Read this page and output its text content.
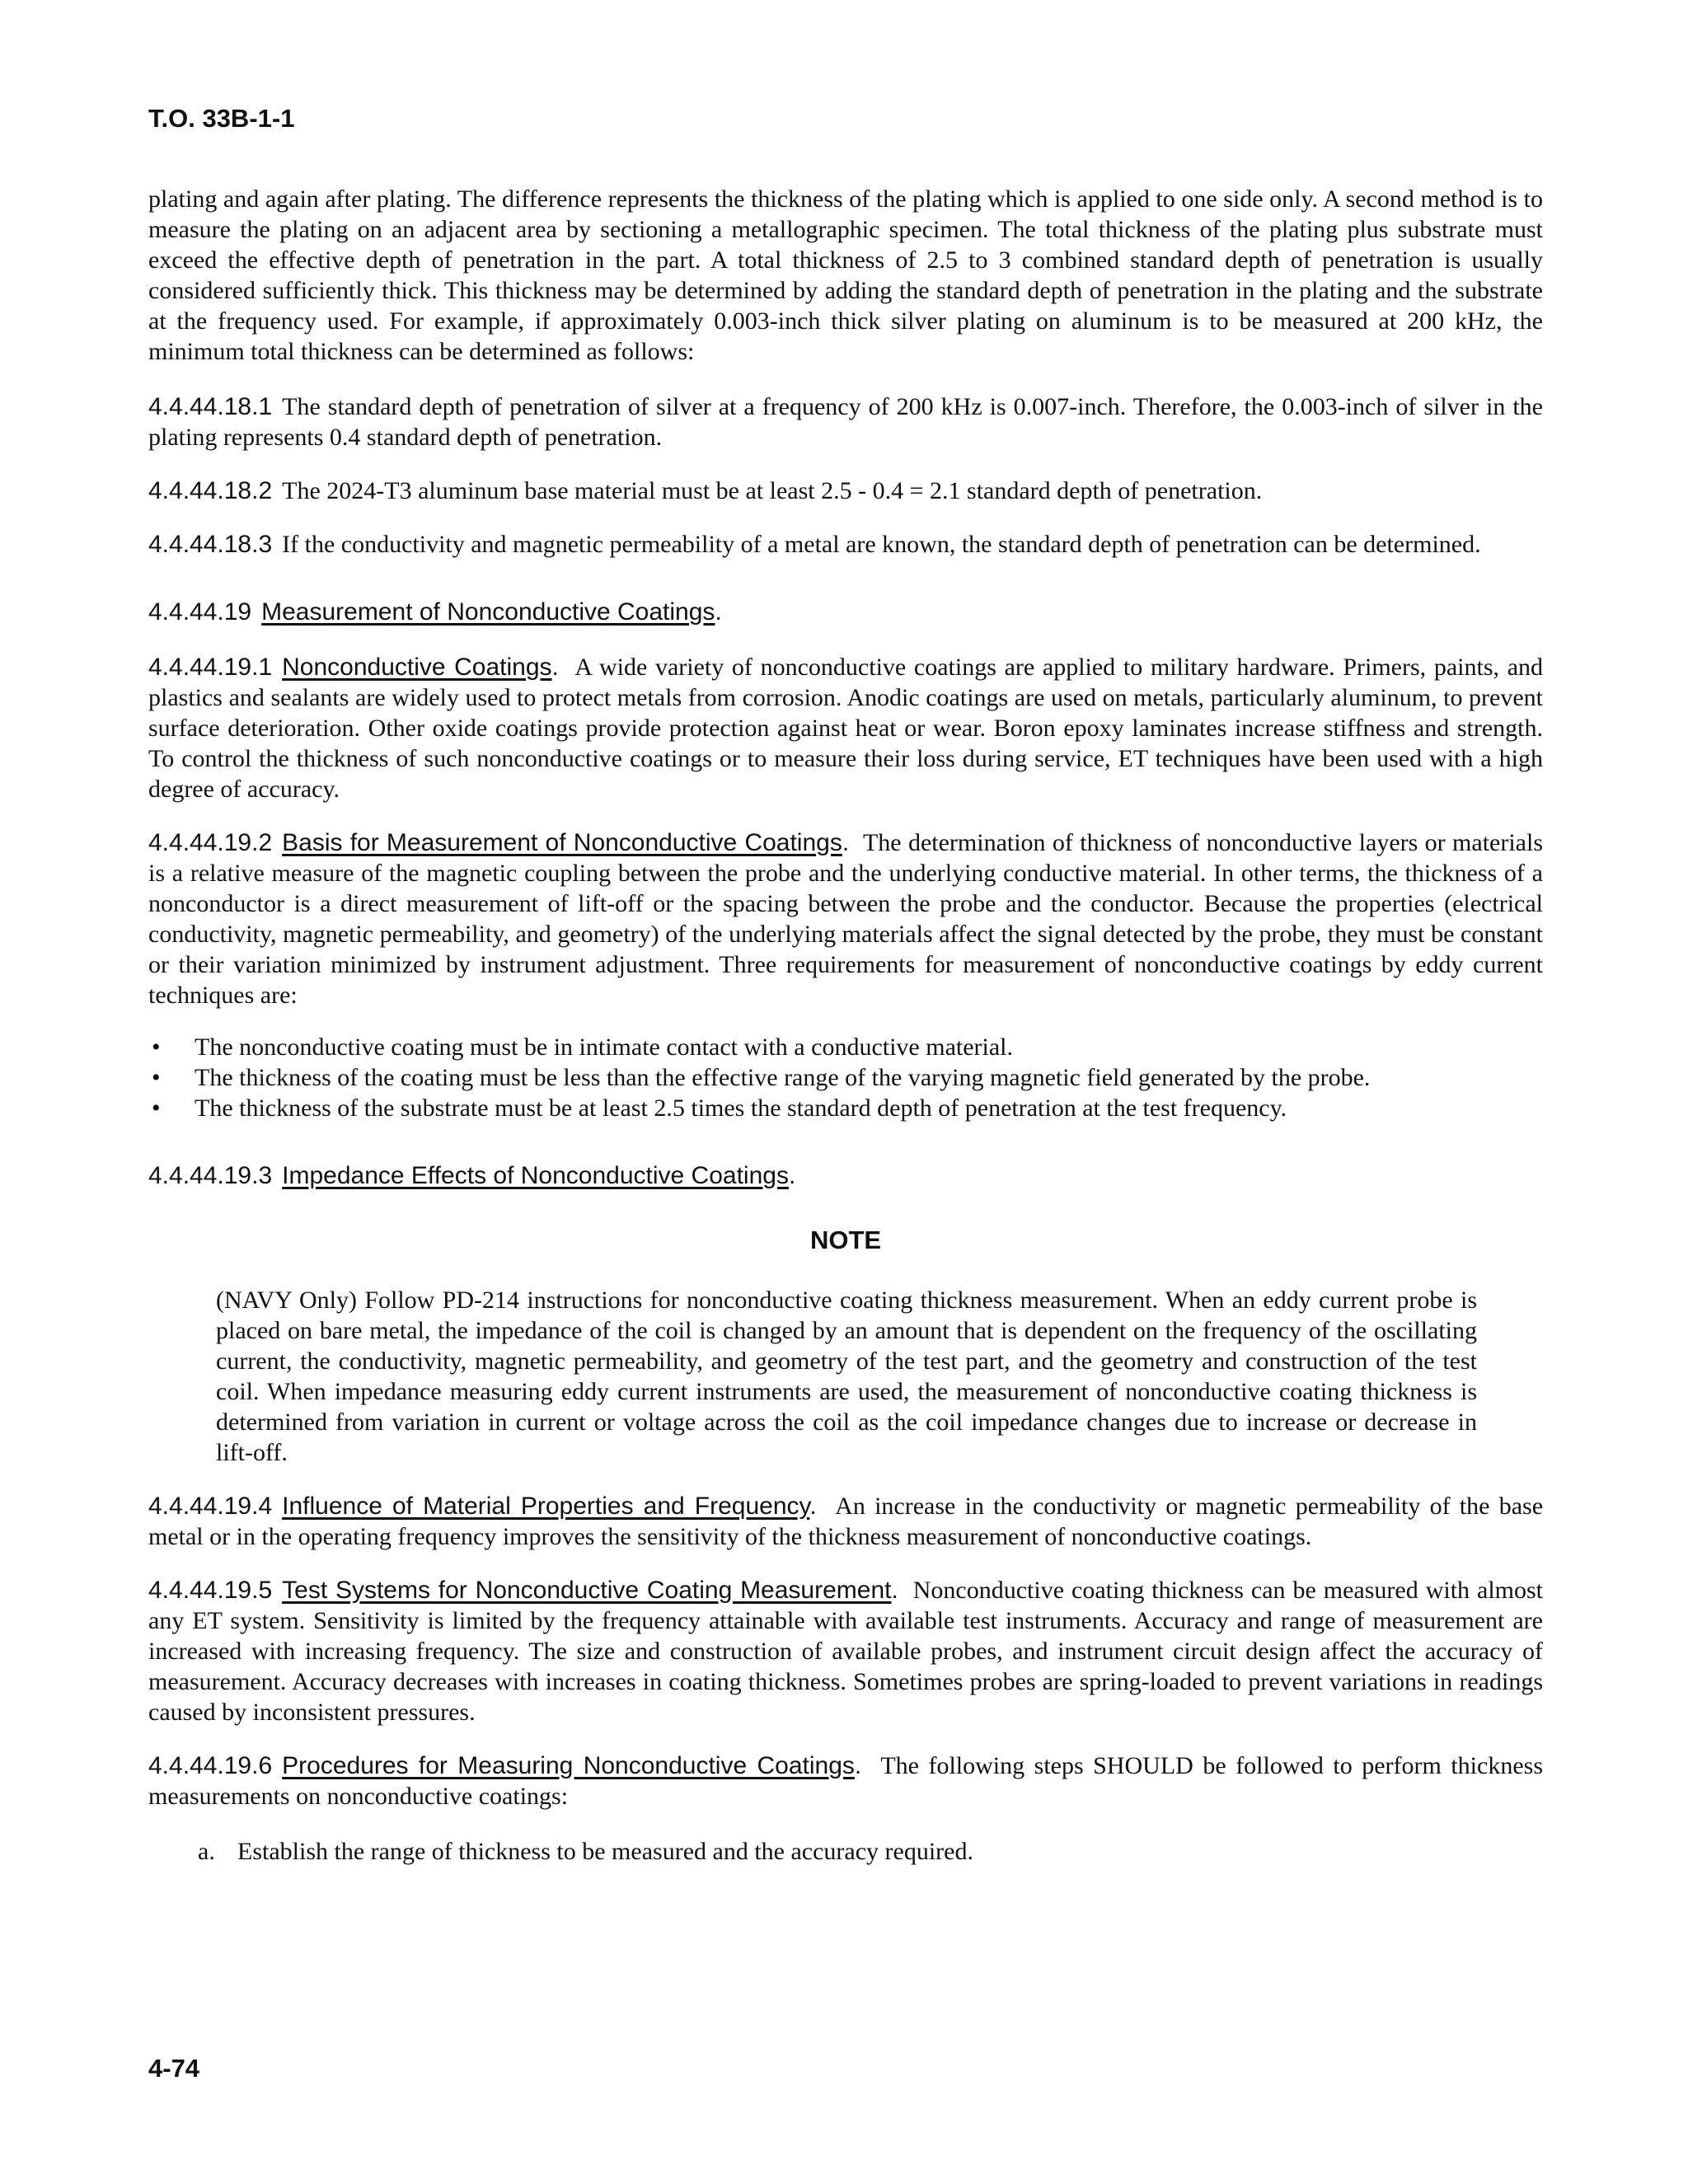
T.O. 33B-1-1

plating and again after plating. The difference represents the thickness of the plating which is applied to one side only. A second method is to measure the plating on an adjacent area by sectioning a metallographic specimen. The total thickness of the plating plus substrate must exceed the effective depth of penetration in the part. A total thickness of 2.5 to 3 combined standard depth of penetration is usually considered sufficiently thick. This thickness may be determined by adding the standard depth of penetration in the plating and the substrate at the frequency used. For example, if approximately 0.003-inch thick silver plating on aluminum is to be measured at 200 kHz, the minimum total thickness can be determined as follows:

4.4.44.18.1 The standard depth of penetration of silver at a frequency of 200 kHz is 0.007-inch. Therefore, the 0.003-inch of silver in the plating represents 0.4 standard depth of penetration.

4.4.44.18.2 The 2024-T3 aluminum base material must be at least 2.5 - 0.4 = 2.1 standard depth of penetration.

4.4.44.18.3 If the conductivity and magnetic permeability of a metal are known, the standard depth of penetration can be determined.

4.4.44.19 Measurement of Nonconductive Coatings.

4.4.44.19.1 Nonconductive Coatings. A wide variety of nonconductive coatings are applied to military hardware. Primers, paints, and plastics and sealants are widely used to protect metals from corrosion. Anodic coatings are used on metals, particularly aluminum, to prevent surface deterioration. Other oxide coatings provide protection against heat or wear. Boron epoxy laminates increase stiffness and strength. To control the thickness of such nonconductive coatings or to measure their loss during service, ET techniques have been used with a high degree of accuracy.

4.4.44.19.2 Basis for Measurement of Nonconductive Coatings. The determination of thickness of nonconductive layers or materials is a relative measure of the magnetic coupling between the probe and the underlying conductive material. In other terms, the thickness of a nonconductor is a direct measurement of lift-off or the spacing between the probe and the conductor. Because the properties (electrical conductivity, magnetic permeability, and geometry) of the underlying materials affect the signal detected by the probe, they must be constant or their variation minimized by instrument adjustment. Three requirements for measurement of nonconductive coatings by eddy current techniques are:

• The nonconductive coating must be in intimate contact with a conductive material.
• The thickness of the coating must be less than the effective range of the varying magnetic field generated by the probe.
• The thickness of the substrate must be at least 2.5 times the standard depth of penetration at the test frequency.
4.4.44.19.3 Impedance Effects of Nonconductive Coatings.
NOTE

(NAVY Only) Follow PD-214 instructions for nonconductive coating thickness measurement. When an eddy current probe is placed on bare metal, the impedance of the coil is changed by an amount that is dependent on the frequency of the oscillating current, the conductivity, magnetic permeability, and geometry of the test part, and the geometry and construction of the test coil. When impedance measuring eddy current instruments are used, the measurement of nonconductive coating thickness is determined from variation in current or voltage across the coil as the coil impedance changes due to increase or decrease in lift-off.

4.4.44.19.4 Influence of Material Properties and Frequency. An increase in the conductivity or magnetic permeability of the base metal or in the operating frequency improves the sensitivity of the thickness measurement of nonconductive coatings.

4.4.44.19.5 Test Systems for Nonconductive Coating Measurement. Nonconductive coating thickness can be measured with almost any ET system. Sensitivity is limited by the frequency attainable with available test instruments. Accuracy and range of measurement are increased with increasing frequency. The size and construction of available probes, and instrument circuit design affect the accuracy of measurement. Accuracy decreases with increases in coating thickness. Sometimes probes are spring-loaded to prevent variations in readings caused by inconsistent pressures.

4.4.44.19.6 Procedures for Measuring Nonconductive Coatings. The following steps SHOULD be followed to perform thickness measurements on nonconductive coatings:

a. Establish the range of thickness to be measured and the accuracy required.
4-74
